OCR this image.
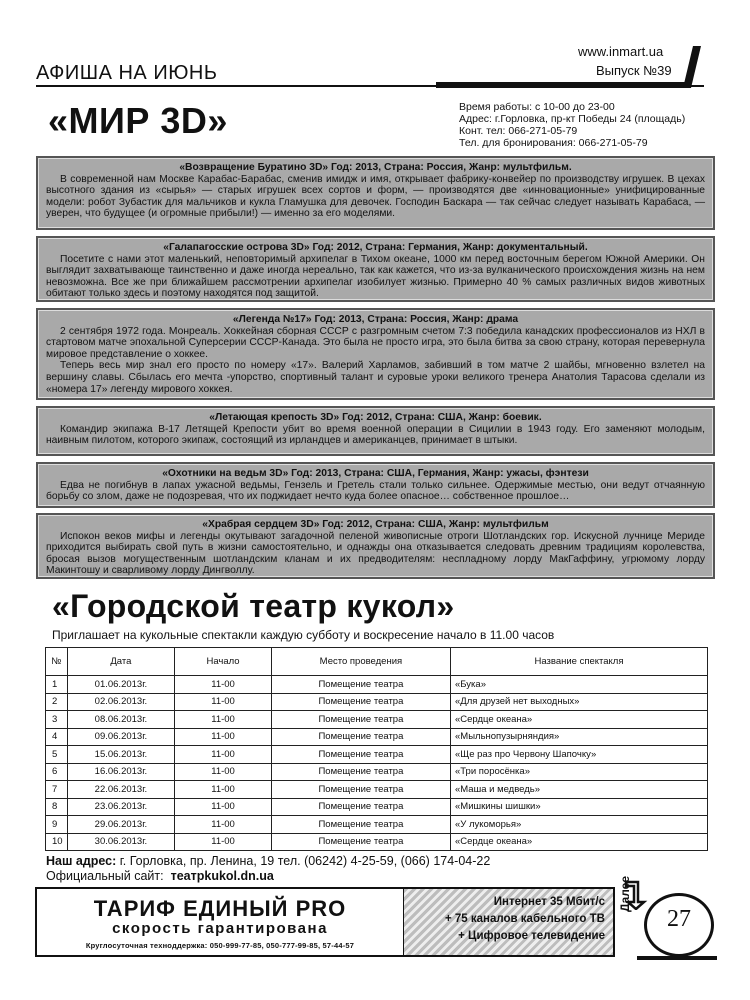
www.inmart.ua
Выпуск №39
АФИША НА ИЮНЬ
«МИР 3D»	Время работы: с 10-00 до 23-00
Адрес: г.Горловка, пр-кт Победы 24 (площадь)
Конт. тел: 066-271-05-79
Тел. для бронирования: 066-271-05-79
«Возвращение Буратино 3D» Год: 2013, Страна: Россия, Жанр: мультфильм.

В современной нам Москве Карабас-Барабас, сменив имидж и имя, открывает фабрику-конвейер по производству игрушек. В цехах высотного здания из «сырья» — старых игрушек всех сортов и форм, — производятся две «инновационные» унифицированные модели: робот Зубастик для мальчиков и кукла Гламушка для девочек. Господин Баскара — так сейчас следует называть Карабаса, — уверен, что будущее (и огромные прибыли!) — именно за его моделями.

«Галапагосские острова 3D» Год: 2012, Страна: Германия, Жанр: документальный.

Посетите с нами этот маленький, неповторимый архипелаг в Тихом океане, 1000 км перед восточным берегом Южной Америки. Он выглядит захватывающе таинственно и даже иногда нереально, так как кажется, что из-за вулканического происхождения жизнь на нем невозможна. Все же при ближайшем рассмотрении архипелаг изобилует жизнью. Примерно 40 % самых различных видов животных обитают только здесь и поэтому находятся под защитой.

«Легенда №17» Год: 2013, Страна: Россия, Жанр: драма

2 сентября 1972 года. Монреаль. Хоккейная сборная СССР с разгромным счетом 7:3 победила канадских профессионалов из НХЛ в стартовом матче эпохальной Суперсерии СССР-Канада. Это была не просто игра, это была битва за свою страну, которая перевернула мировое представление о хоккее.

Теперь весь мир знал его просто по номеру «17». Валерий Харламов, забивший в том матче 2 шайбы, мгновенно взлетел на вершину славы. Сбылась его мечта -упорство, спортивный талант и суровые уроки великого тренера Анатолия Тарасова сделали из «номера 17» легенду мирового хоккея.

«Летающая крепость 3D» Год: 2012, Страна: США, Жанр: боевик.

Командир экипажа B-17 Летящей Крепости убит во время военной операции в Сицилии в 1943 году. Его заменяют молодым, наивным пилотом, которого экипаж, состоящий из ирландцев и американцев, принимает в штыки.

«Охотники на ведьм 3D» Год: 2013, Страна: США, Германия, Жанр: ужасы, фэнтези

Едва не погибнув в лапах ужасной ведьмы, Гензель и Гретель стали только сильнее. Одержимые местью, они ведут отчаянную борьбу со злом, даже не подозревая, что их поджидает нечто куда более опасное… собственное прошлое…

«Храбрая сердцем 3D» Год: 2012, Страна: США, Жанр: мультфильм

Испокон веков мифы и легенды окутывают загадочной пеленой живописные отроги Шотландских гор. Искусной лучнице Мериде приходится выбирать свой путь в жизни самостоятельно, и однажды она отказывается следовать древним традициям королевства, бросая вызов могущественным шотландским кланам и их предводителям: неспладному лорду МакГаффину, угрюмому лорду Макинтошу и сварливому лорду Дингволлу.

«Городской театр кукол»
Приглашает на кукольные спектакли каждую субботу и воскресение начало в 11.00 часов
№	Дата	Начало	Место проведения	Название спектакля
1	01.06.2013г.	11-00	Помещение театра	«Бука»
2	02.06.2013г.	11-00	Помещение театра	«Для друзей нет выходных»
3	08.06.2013г.	11-00	Помещение театра	«Сердце океана»
4	09.06.2013г.	11-00	Помещение театра	«Мыльнопузырняндия»
5	15.06.2013г.	11-00	Помещение театра	«Ще раз про Червону Шапочку»
6	16.06.2013г.	11-00	Помещение театра	«Три поросёнка»
7	22.06.2013г.	11-00	Помещение театра	«Маша и медведь»
8	23.06.2013г.	11-00	Помещение театра	«Мишкины шишки»
9	29.06.2013г.	11-00	Помещение театра	«У лукоморья»
10	30.06.2013г.	11-00	Помещение театра	«Сердце океана»
Наш адрес: г. Горловка, пр. Ленина, 19 тел. (06242) 4-25-59, (066) 174-04-22
Официальный сайт: театрkukol.dn.ua
ТАРИФ ЕДИНЫЙ PRO
скорость гарантирована
Круглосуточная техноддержка: 050-999-77-85, 050-777-99-85, 57-44-57
Интернет 35 Мбит/с
+ 75 каналов кабельного ТВ
+ Цифровое телевидение
Далее
27
